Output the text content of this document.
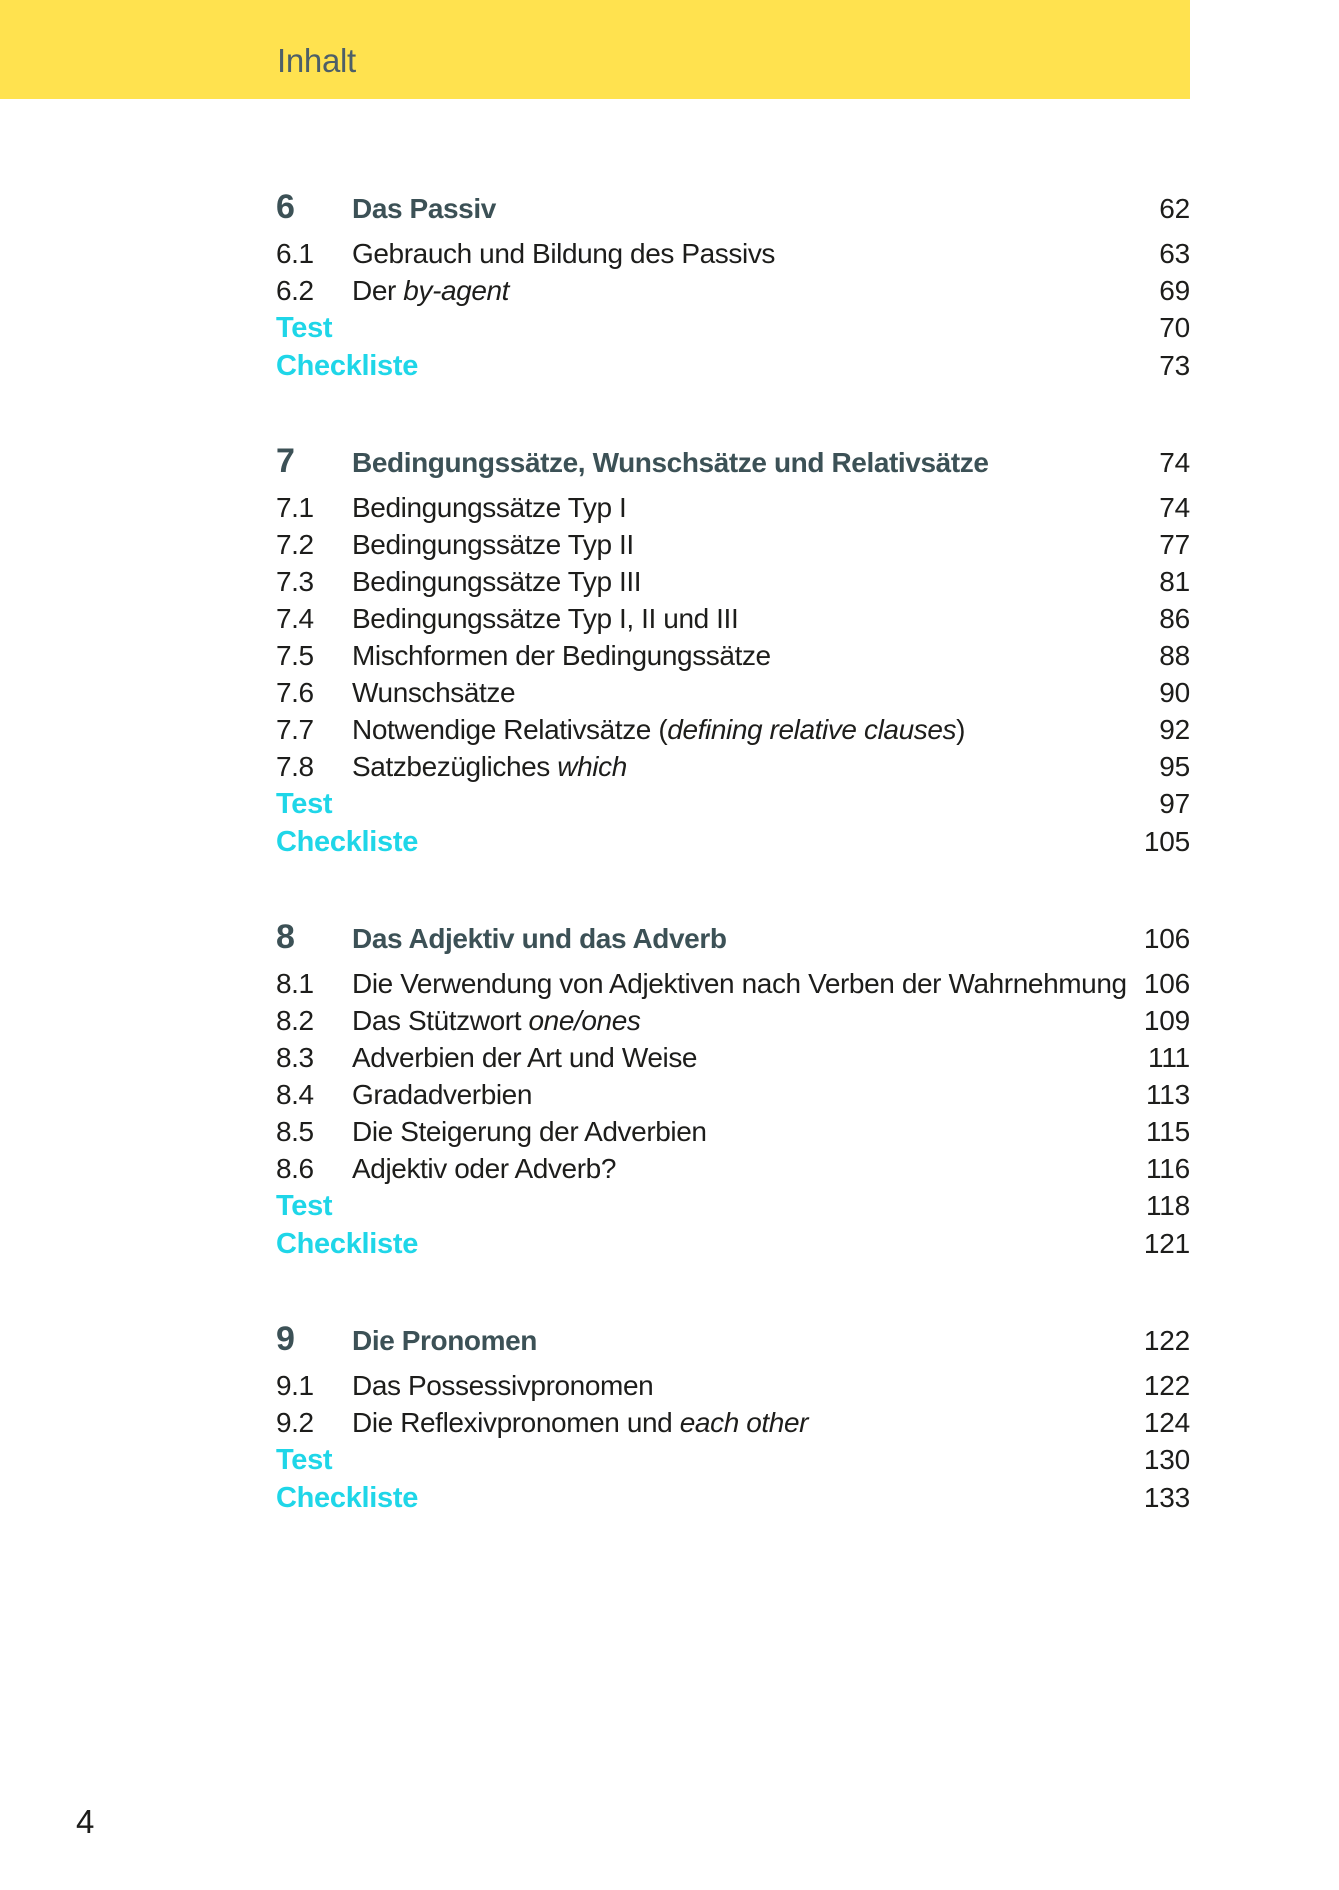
Inhalt
6	Das Passiv	62
6.1	Gebrauch und Bildung des Passivs	63
6.2	Der by-agent	69
Test	70
Checkliste	73
7	Bedingungssätze, Wunschsätze und Relativsätze	74
7.1	Bedingungssätze Typ I	74
7.2	Bedingungssätze Typ II	77
7.3	Bedingungssätze Typ III	81
7.4	Bedingungssätze Typ I, II und III	86
7.5	Mischformen der Bedingungssätze	88
7.6	Wunschsätze	90
7.7	Notwendige Relativsätze (defining relative clauses)	92
7.8	Satzbezügliches which	95
Test	97
Checkliste	105
8	Das Adjektiv und das Adverb	106
8.1	Die Verwendung von Adjektiven nach Verben der Wahrnehmung 106
8.2	Das Stützwort one/ones	109
8.3	Adverbien der Art und Weise	111
8.4	Gradadverbien	113
8.5	Die Steigerung der Adverbien	115
8.6	Adjektiv oder Adverb?	116
Test	118
Checkliste	121
9	Die Pronomen	122
9.1	Das Possessivpronomen	122
9.2	Die Reflexivpronomen und each other	124
Test	130
Checkliste	133
4
